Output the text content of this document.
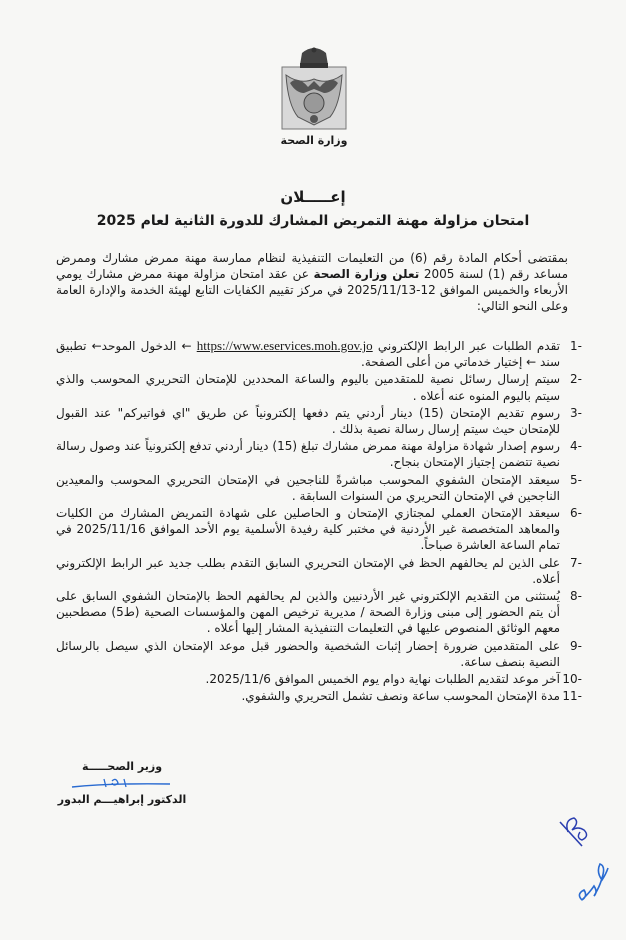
وزارة الصحة
إعـــــلان
امتحان مزاولة مهنة التمريض المشارك للدورة الثانية لعام 2025

بمقتضى أحكام المادة رقم (6) من التعليمات التنفيذية لنظام ممارسة مهنة ممرض مشارك وممرض مساعد رقم (1) لسنة 2005 تعلن وزارة الصحة عن عقد امتحان مزاولة مهنة ممرض مشارك يومي الأربعاء والخميس الموافق 12-2025/11/13 في مركز تقييم الكفايات التابع لهيئة الخدمة والإدارة العامة وعلى النحو التالي:

1-
تقدم الطلبات عبر الرابط الإلكتروني https://www.eservices.moh.gov.jo ← الدخول الموحد← تطبيق سند ← إختيار خدماتي من أعلى الصفحة.
2-
سيتم إرسال رسائل نصية للمتقدمين باليوم والساعة المحددين للإمتحان التحريري المحوسب والذي سيتم باليوم المنوه عنه أعلاه .
3-
رسوم تقديم الإمتحان (15) دينار أردني يتم دفعها إلكترونياً عن طريق "اي فواتيركم" عند القبول للإمتحان حيث سيتم إرسال رسالة نصية بذلك .
4-
رسوم إصدار شهادة مزاولة مهنة ممرض مشارك تبلغ (15) دينار أردني تدفع إلكترونياً عند وصول رسالة نصية تتضمن إجتياز الإمتحان بنجاح.
5-
سيعقد الإمتحان الشفوي المحوسب مباشرةً للناجحين في الإمتحان التحريري المحوسب والمعيدين الناجحين في الإمتحان التحريري من السنوات السابقة .
6-
سيعقد الإمتحان العملي لمجتازي الإمتحان و الحاصلين على شهادة التمريض المشارك من الكليات والمعاهد المتخصصة غير الأردنية في مختبر كلية رفيدة الأسلمية يوم الأحد الموافق 2025/11/16 في تمام الساعة العاشرة صباحاً.
7-
على الذين لم يحالفهم الحظ في الإمتحان التحريري السابق التقدم بطلب جديد عبر الرابط الإلكتروني أعلاه.
8-
يُستثنى من التقديم الإلكتروني غير الأردنيين والذين لم يحالفهم الحظ بالإمتحان الشفوي السابق على أن يتم الحضور إلى مبنى وزارة الصحة / مديرية ترخيص المهن والمؤسسات الصحية (ط5) مصطحبين معهم الوثائق المنصوص عليها في التعليمات التنفيذية المشار إليها أعلاه .
9-
على المتقدمين ضرورة إحضار إثبات الشخصية والحضور قبل موعد الإمتحان الذي سيصل بالرسائل النصية بنصف ساعة.
10-
آخر موعد لتقديم الطلبات نهاية دوام يوم الخميس الموافق 2025/11/6.
11-
مدة الإمتحان المحوسب ساعة ونصف تشمل التحريري والشفوي.
وزير الصحـــــة
الدكتور إبراهيـــم البدور
